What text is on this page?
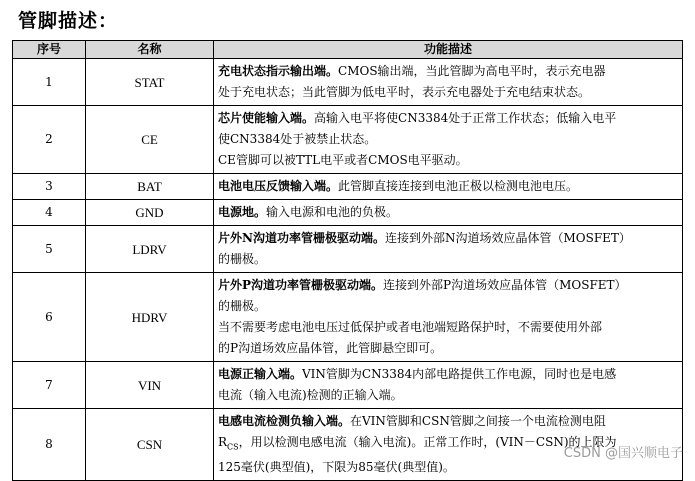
管脚描述：
序号	名称	功能描述
1	STAT	充电状态指示输出端。CMOS输出端，当此管脚为高电平时，表示充电器
处于充电状态；当此管脚为低电平时，表示充电器处于充电结束状态。

2	CE	芯片使能输入端。高输入电平将使CN3384处于正常工作状态；低输入电平
使CN3384处于被禁止状态。
CE管脚可以被TTL电平或者CMOS电平驱动。

3	BAT	电池电压反馈输入端。此管脚直接连接到电池正极以检测电池电压。

4	GND	电源地。输入电源和电池的负极。

5	LDRV	片外N沟道功率管栅极驱动端。连接到外部N沟道场效应晶体管（MOSFET）
的栅极。

6	HDRV	片外P沟道功率管栅极驱动端。连接到外部P沟道场效应晶体管（MOSFET）
的栅极。
当不需要考虑电池电压过低保护或者电池端短路保护时，不需要使用外部
的P沟道场效应晶体管，此管脚悬空即可。

7	VIN	电源正输入端。VIN管脚为CN3384内部电路提供工作电源，同时也是电感
电流（输入电流)检测的正输入端。

8	CSN	电感电流检测负输入端。在VIN管脚和CSN管脚之间接一个电流检测电阻
$R_{CS}$，用以检测电感电流（输入电流)。正常工作时，(VIN－CSN)的上限为
125毫伏(典型值)，下限为85毫伏(典型值)。
CSDN @国兴顺电子
